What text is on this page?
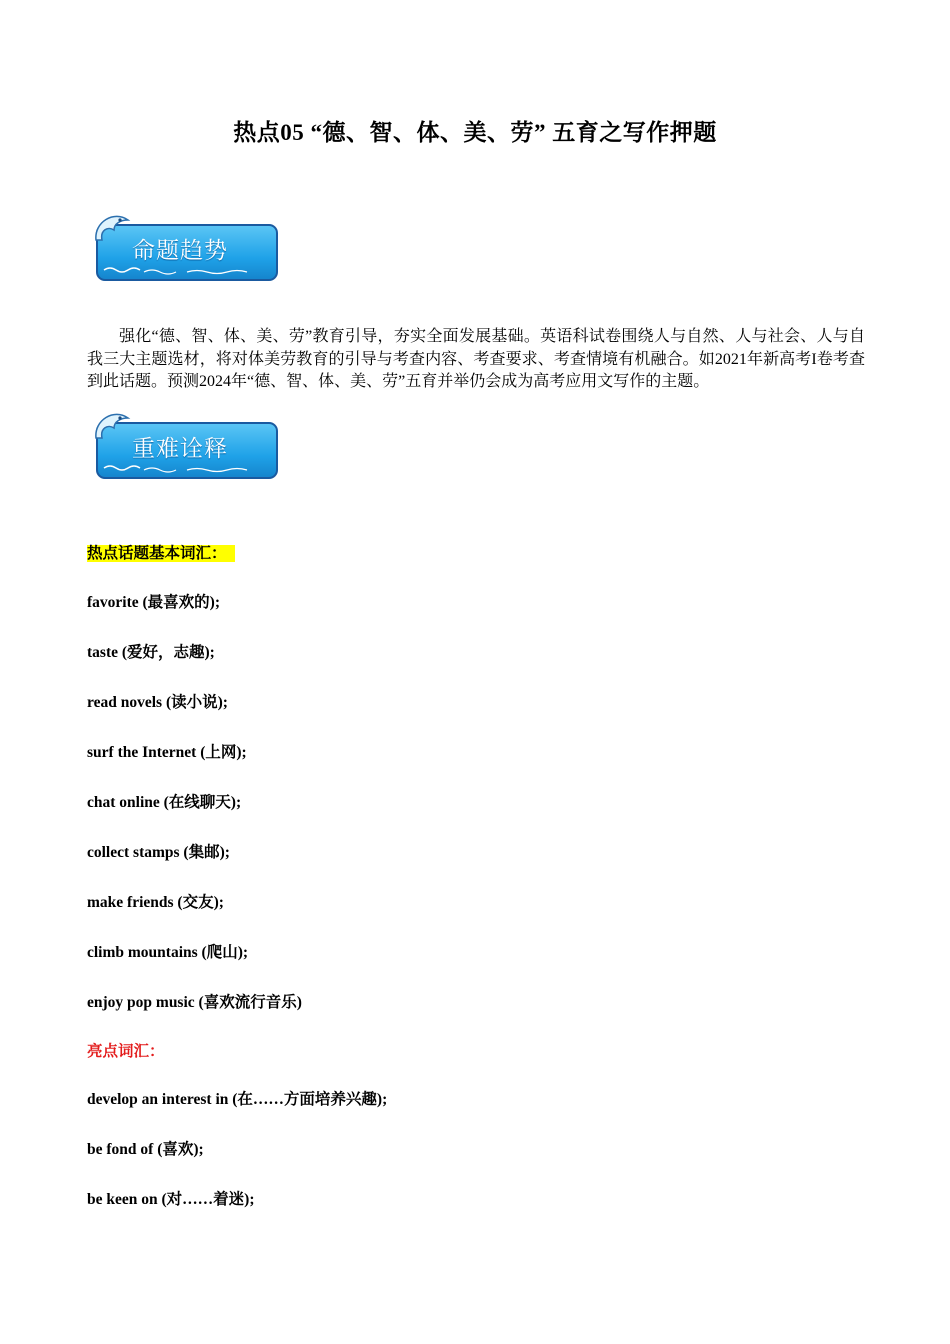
热点05 “德、智、体、美、劳” 五育之写作押题
命题趋势

强化“德、智、体、美、劳”教育引导，夯实全面发展基础。英语科试卷围绕人与自然、人与社会、人与自我三大主题选材，将对体美劳教育的引导与考查内容、考查要求、考查情境有机融合。如2021年新高考I卷考查到此话题。预测2024年“德、智、体、美、劳”五育并举仍会成为高考应用文写作的主题。

重难诠释
热点话题基本词汇：
favorite (最喜欢的);
taste (爱好，志趣);
read novels (读小说);
surf the Internet (上网);
chat online (在线聊天);
collect stamps (集邮);
make friends (交友);
climb mountains (爬山);
enjoy pop music (喜欢流行音乐)
亮点词汇：
develop an interest in (在……方面培养兴趣);
be fond of (喜欢);
be keen on (对……着迷);
